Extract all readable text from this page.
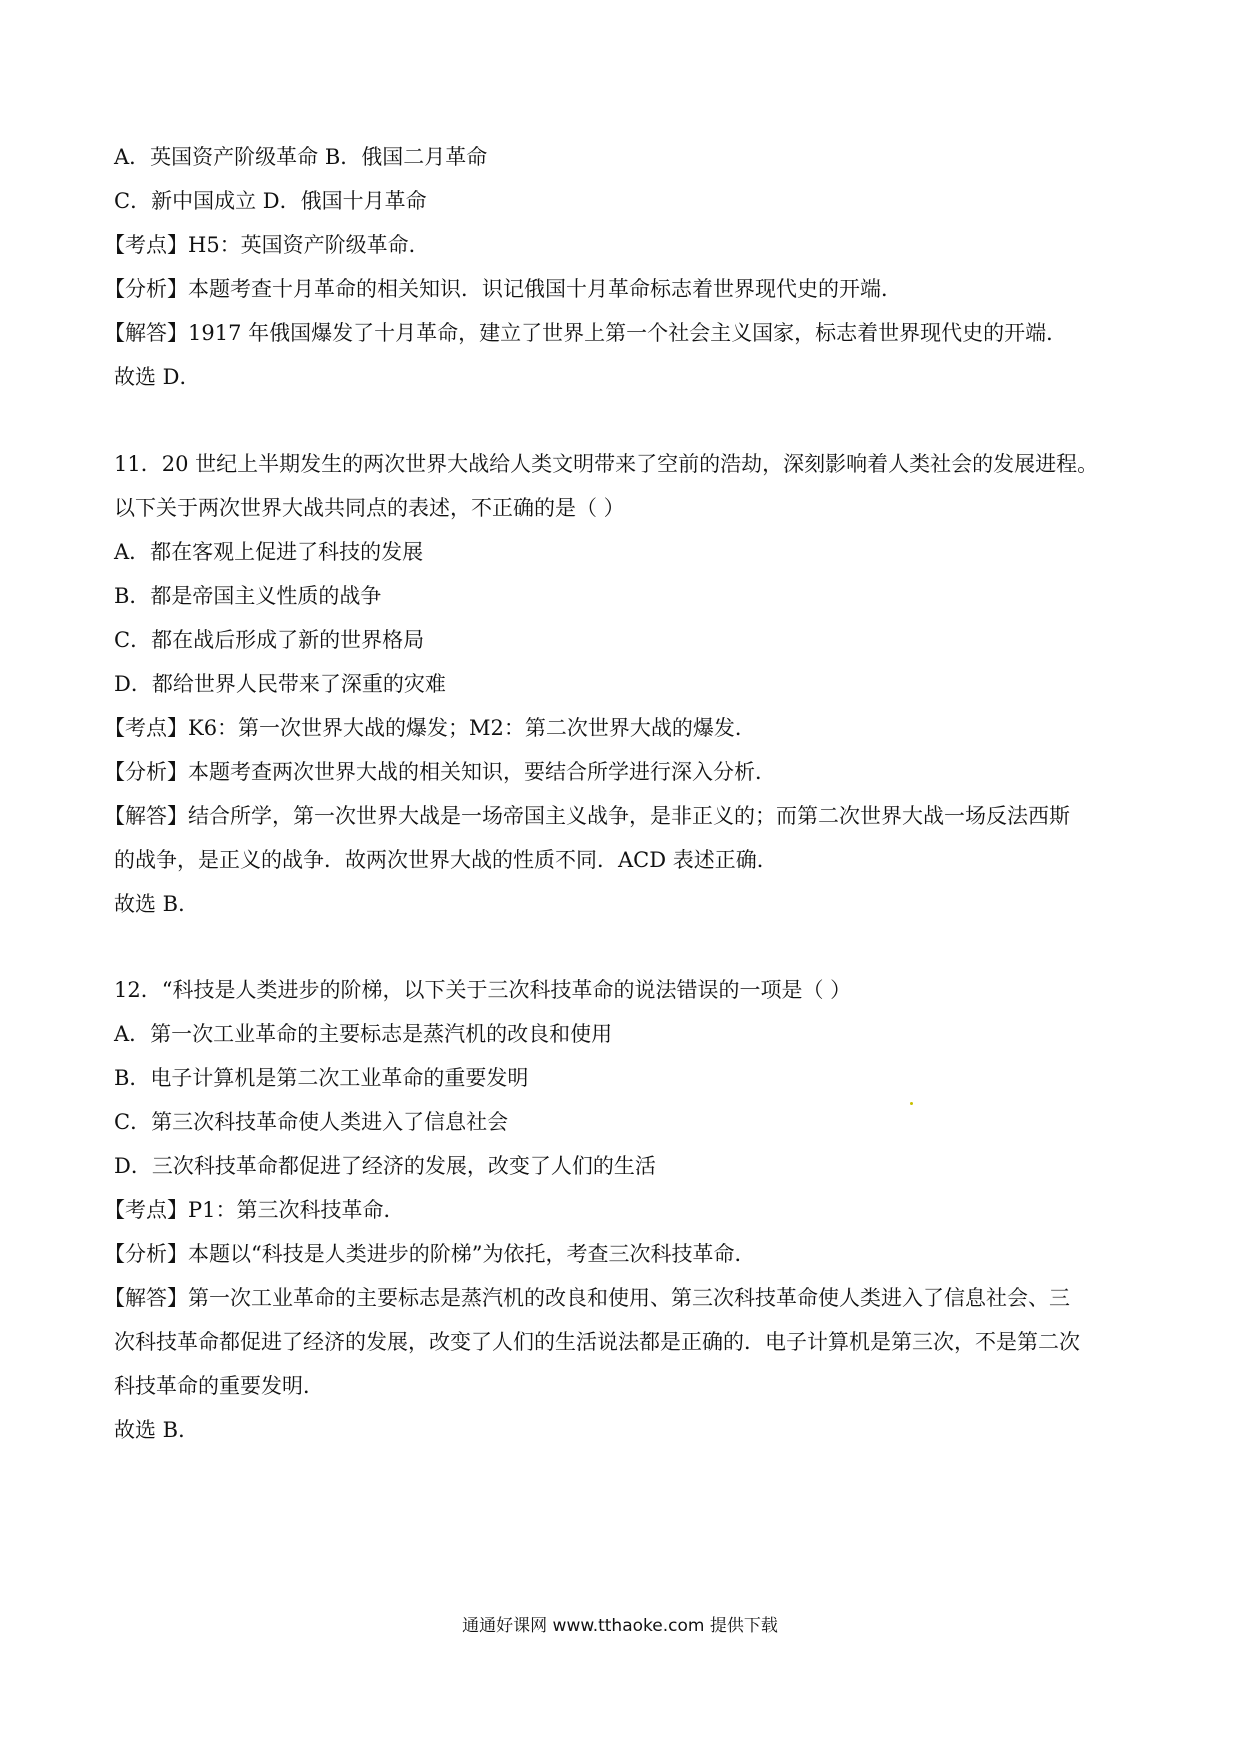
A．英国资产阶级革命 B．俄国二月革命
C．新中国成立 D．俄国十月革命
【考点】H5：英国资产阶级革命．
【分析】本题考查十月革命的相关知识．识记俄国十月革命标志着世界现代史的开端．
【解答】1917 年俄国爆发了十月革命，建立了世界上第一个社会主义国家，标志着世界现代史的开端．
故选 D．
11．20 世纪上半期发生的两次世界大战给人类文明带来了空前的浩劫，深刻影响着人类社会的发展进程。
以下关于两次世界大战共同点的表述，不正确的是（ ）
A．都在客观上促进了科技的发展
B．都是帝国主义性质的战争
C．都在战后形成了新的世界格局
D．都给世界人民带来了深重的灾难
【考点】K6：第一次世界大战的爆发；M2：第二次世界大战的爆发．
【分析】本题考查两次世界大战的相关知识，要结合所学进行深入分析．
【解答】结合所学，第一次世界大战是一场帝国主义战争，是非正义的；而第二次世界大战一场反法西斯
的战争，是正义的战争．故两次世界大战的性质不同．ACD 表述正确．
故选 B．
12．“科技是人类进步的阶梯，以下关于三次科技革命的说法错误的一项是（ ）
A．第一次工业革命的主要标志是蒸汽机的改良和使用
B．电子计算机是第二次工业革命的重要发明
C．第三次科技革命使人类进入了信息社会
D．三次科技革命都促进了经济的发展，改变了人们的生活
【考点】P1：第三次科技革命．
【分析】本题以“科技是人类进步的阶梯”为依托，考查三次科技革命．
【解答】第一次工业革命的主要标志是蒸汽机的改良和使用、第三次科技革命使人类进入了信息社会、三
次科技革命都促进了经济的发展，改变了人们的生活说法都是正确的．电子计算机是第三次，不是第二次
科技革命的重要发明．
故选 B．
通通好课网 www.tthaoke.com 提供下载
